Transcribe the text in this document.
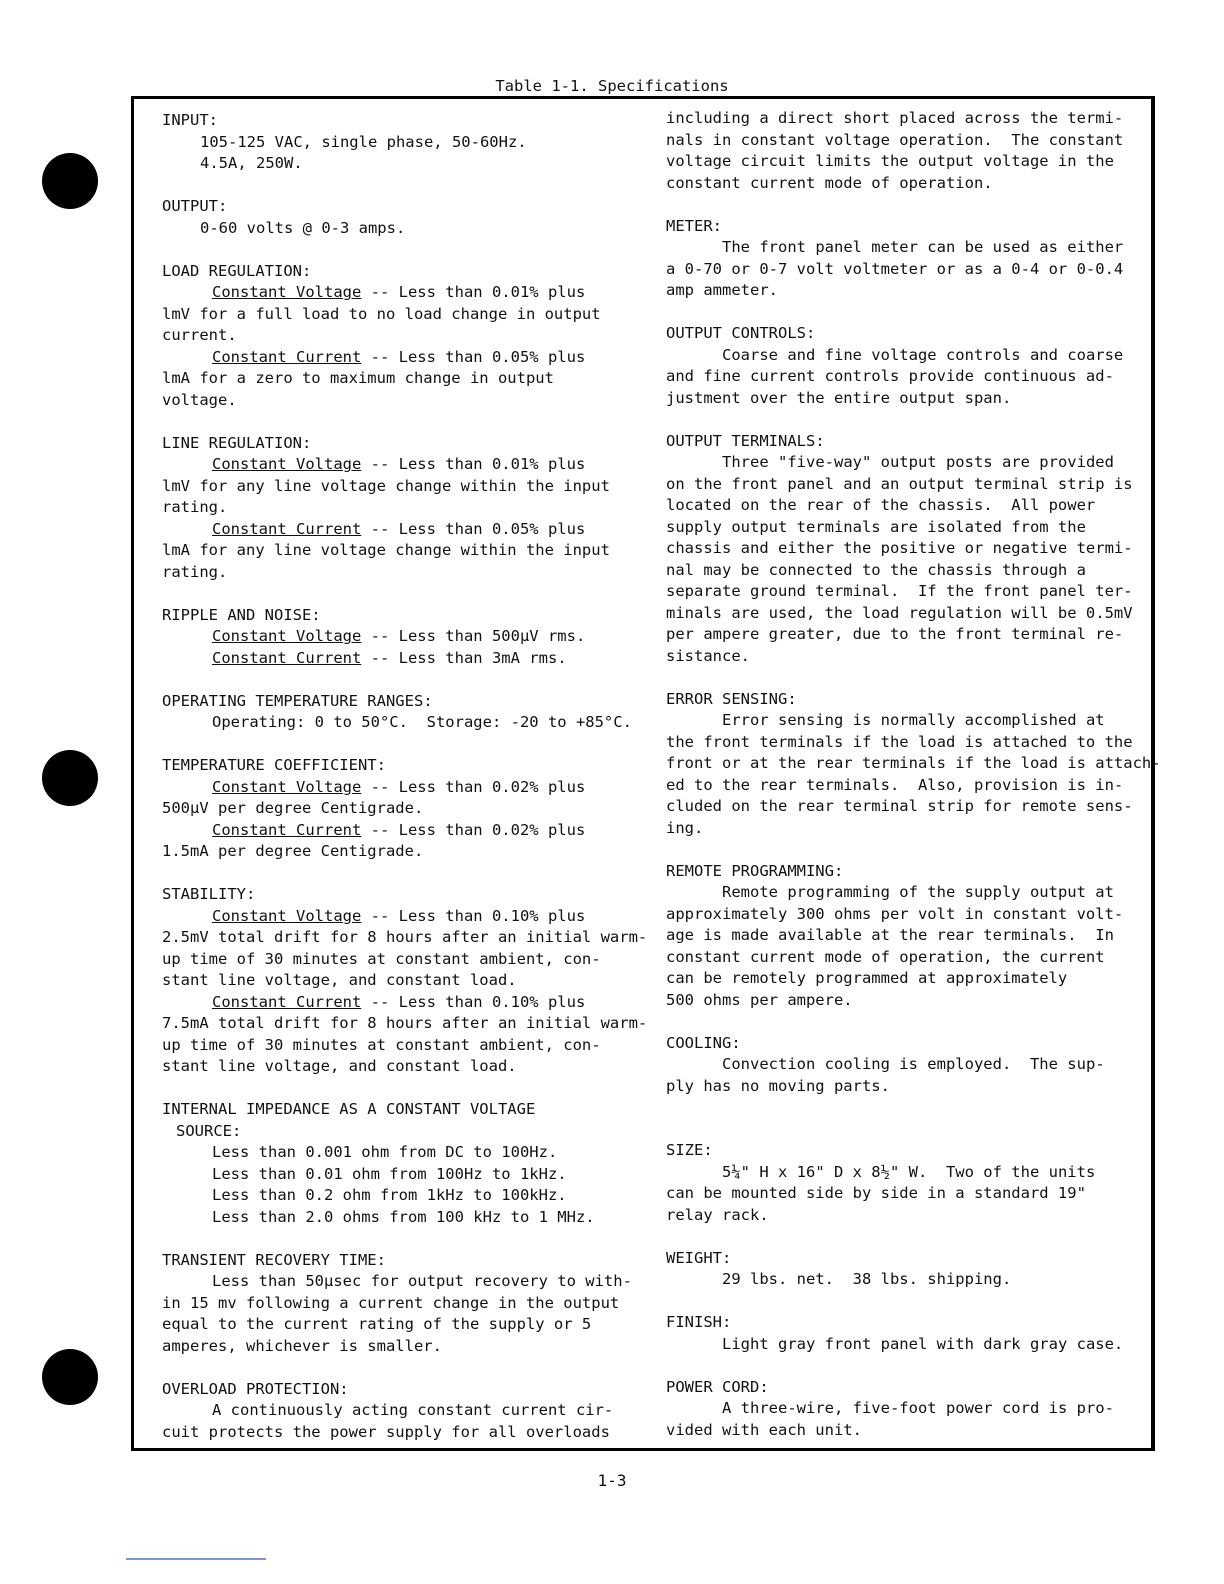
Table 1-1. Specifications

INPUT:

105-125 VAC, single phase, 50-60Hz.

4.5A, 250W.

OUTPUT:

0-60 volts @ 0-3 amps.

LOAD REGULATION:

Constant Voltage -- Less than 0.01% plus

lmV for a full load to no load change in output

current.

Constant Current -- Less than 0.05% plus

lmA for a zero to maximum change in output

voltage.

LINE REGULATION:

Constant Voltage -- Less than 0.01% plus

lmV for any line voltage change within the input

rating.

Constant Current -- Less than 0.05% plus

lmA for any line voltage change within the input

rating.

RIPPLE AND NOISE:

Constant Voltage -- Less than 500µV rms.

Constant Current -- Less than 3mA rms.

OPERATING TEMPERATURE RANGES:

Operating: 0 to 50°C.  Storage: -20 to +85°C.

TEMPERATURE COEFFICIENT:

Constant Voltage -- Less than 0.02% plus

500µV per degree Centigrade.

Constant Current -- Less than 0.02% plus

1.5mA per degree Centigrade.

STABILITY:

Constant Voltage -- Less than 0.10% plus

2.5mV total drift for 8 hours after an initial warm-

up time of 30 minutes at constant ambient, con-

stant line voltage, and constant load.

Constant Current -- Less than 0.10% plus

7.5mA total drift for 8 hours after an initial warm-

up time of 30 minutes at constant ambient, con-

stant line voltage, and constant load.

INTERNAL IMPEDANCE AS A CONSTANT VOLTAGE

SOURCE:

Less than 0.001 ohm from DC to 100Hz.

Less than 0.01 ohm from 100Hz to 1kHz.

Less than 0.2 ohm from 1kHz to 100kHz.

Less than 2.0 ohms from 100 kHz to 1 MHz.

TRANSIENT RECOVERY TIME:

Less than 50µsec for output recovery to with-

in 15 mv following a current change in the output

equal to the current rating of the supply or 5

amperes, whichever is smaller.

OVERLOAD PROTECTION:

A continuously acting constant current cir-

cuit protects the power supply for all overloads

including a direct short placed across the termi-

nals in constant voltage operation.  The constant

voltage circuit limits the output voltage in the

constant current mode of operation.

METER:

The front panel meter can be used as either

a 0-70 or 0-7 volt voltmeter or as a 0-4 or 0-0.4

amp ammeter.

OUTPUT CONTROLS:

Coarse and fine voltage controls and coarse

and fine current controls provide continuous ad-

justment over the entire output span.

OUTPUT TERMINALS:

Three "five-way" output posts are provided

on the front panel and an output terminal strip is

located on the rear of the chassis.  All power

supply output terminals are isolated from the

chassis and either the positive or negative termi-

nal may be connected to the chassis through a

separate ground terminal.  If the front panel ter-

minals are used, the load regulation will be 0.5mV

per ampere greater, due to the front terminal re-

sistance.

ERROR SENSING:

Error sensing is normally accomplished at

the front terminals if the load is attached to the

front or at the rear terminals if the load is attach-

ed to the rear terminals.  Also, provision is in-

cluded on the rear terminal strip for remote sens-

ing.

REMOTE PROGRAMMING:

Remote programming of the supply output at

approximately 300 ohms per volt in constant volt-

age is made available at the rear terminals.  In

constant current mode of operation, the current

can be remotely programmed at approximately

500 ohms per ampere.

COOLING:

Convection cooling is employed.  The sup-

ply has no moving parts.

SIZE:

5¼" H x 16" D x 8½" W.  Two of the units

can be mounted side by side in a standard 19"

relay rack.

WEIGHT:

29 lbs. net.  38 lbs. shipping.

FINISH:

Light gray front panel with dark gray case.

POWER CORD:

A three-wire, five-foot power cord is pro-

vided with each unit.

1-3
